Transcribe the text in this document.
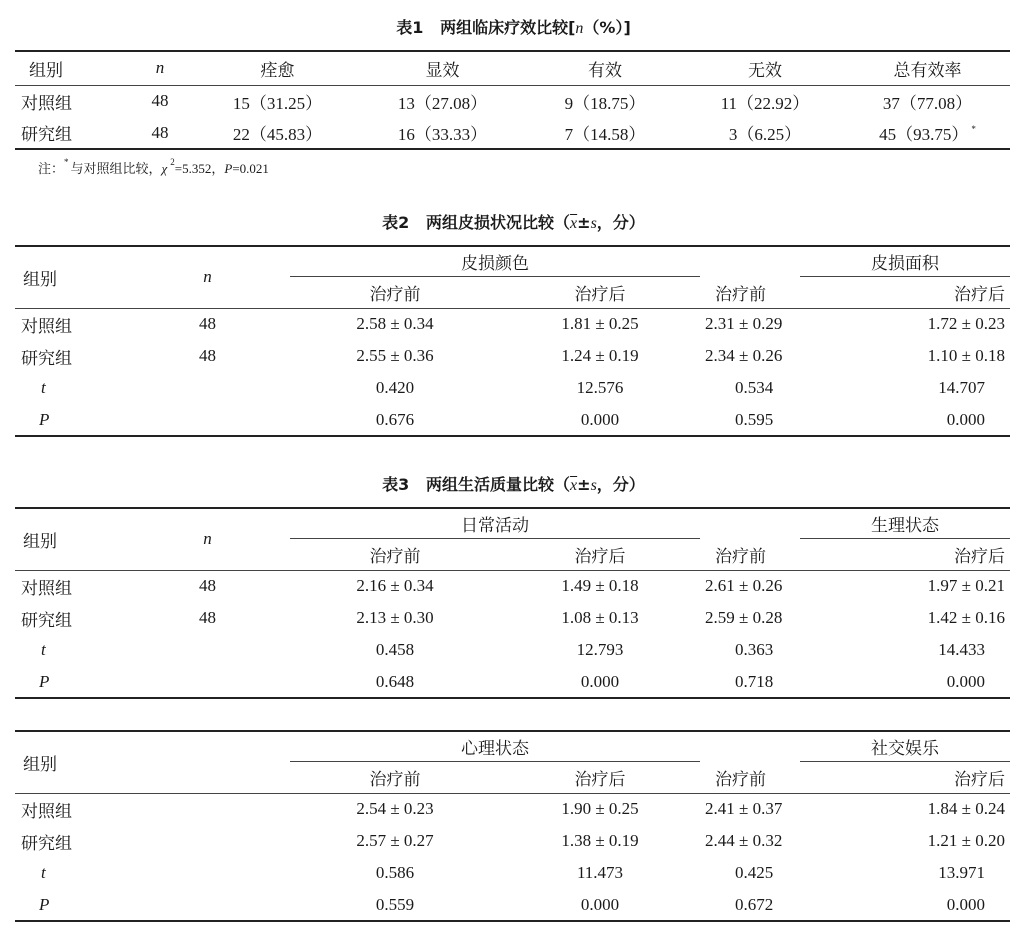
表1 两组临床疗效比较[n（%）]
组别	n	痊愈	显效	有效	无效	总有效率
对照组	48	15（31.25）	13（27.08）	9（18.75）	11（22.92）	37（77.08）
研究组	48	22（45.83）	16（33.33）	7（14.58）	3（6.25）	45（93.75） *
注：* 与对照组比较，χ $^2$=5.352，P=0.021
表2 两组皮损状况比较（$\overline{x}\pm s$，分）
组别	n	皮损颜色			皮损面积
		治疗前	治疗后	治疗前 治疗后	
对照组	48	2.58 ± 0.34	1.81 ± 0.25	2.31 ± 0.29 1.72 ± 0.23	
研究组	48	2.55 ± 0.36	1.24 ± 0.19	2.34 ± 0.26 1.10 ± 0.18	
t		0.420	12.576	0.534 14.707	
P		0.676	0.000	0.595 0.000	
表3 两组生活质量比较（$\overline{x}\pm s$，分）
组别	n	日常活动			生理状态
		治疗前	治疗后	治疗前 治疗后	
对照组	48	2.16 ± 0.34	1.49 ± 0.18	2.61 ± 0.26 1.97 ± 0.21	
研究组	48	2.13 ± 0.30	1.08 ± 0.13	2.59 ± 0.28 1.42 ± 0.16	
t		0.458	12.793	0.363 14.433	
P		0.648	0.000	0.718 0.000	
组别		心理状态			社交娱乐
		治疗前	治疗后	治疗前 治疗后	
对照组		2.54 ± 0.23	1.90 ± 0.25	2.41 ± 0.37 1.84 ± 0.24	
研究组		2.57 ± 0.27	1.38 ± 0.19	2.44 ± 0.32 1.21 ± 0.20	
t		0.586	11.473	0.425 13.971	
P		0.559	0.000	0.672 0.000	
